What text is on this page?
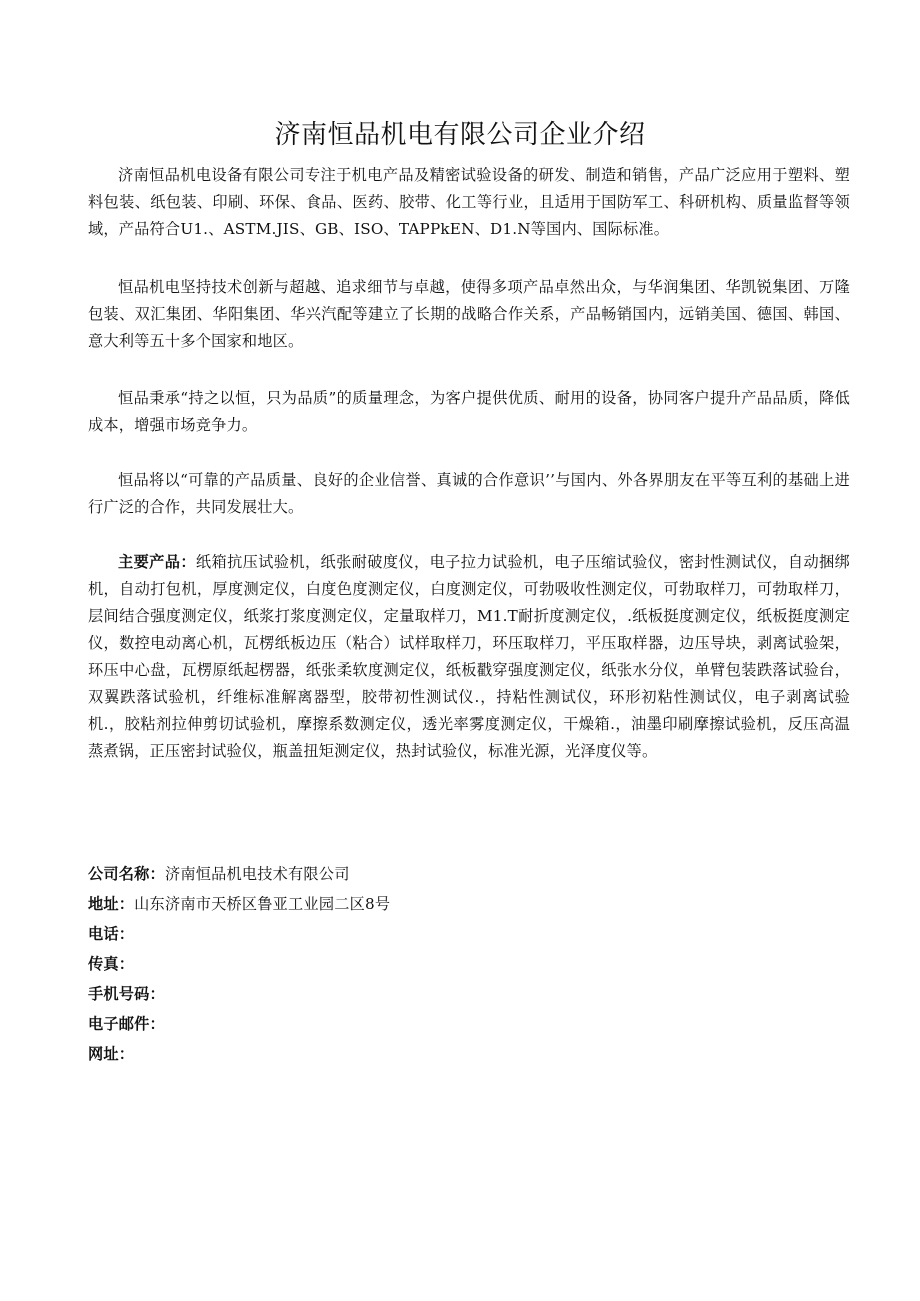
济南恒品机电有限公司企业介绍

济南恒品机电设备有限公司专注于机电产品及精密试验设备的研发、制造和销售，产品广泛应用于塑料、塑料包装、纸包装、印刷、环保、食品、医药、胶带、化工等行业，且适用于国防军工、科研机构、质量监督等领域，产品符合U1.、ASTM.JIS、GB、ISO、TAPPkEN、D1.N等国内、国际标准。

恒品机电坚持技术创新与超越、追求细节与卓越，使得多项产品卓然出众，与华润集团、华凯锐集团、万隆包装、双汇集团、华阳集团、华兴汽配等建立了长期的战略合作关系，产品畅销国内，远销美国、德国、韩国、意大利等五十多个国家和地区。

恒品秉承“持之以恒，只为品质”的质量理念，为客户提供优质、耐用的设备，协同客户提升产品品质，降低成本，增强市场竞争力。

恒品将以“可靠的产品质量、良好的企业信誉、真诚的合作意识’’与国内、外各界朋友在平等互利的基础上进行广泛的合作，共同发展壮大。

主要产品：纸箱抗压试验机，纸张耐破度仪，电子拉力试验机，电子压缩试验仪，密封性测试仪，自动捆绑机，自动打包机，厚度测定仪，白度色度测定仪，白度测定仪，可勃吸收性测定仪，可勃取样刀，可勃取样刀，层间结合强度测定仪，纸浆打浆度测定仪，定量取样刀，M1.T耐折度测定仪，.纸板挺度测定仪，纸板挺度测定仪，数控电动离心机，瓦楞纸板边压（粘合）试样取样刀，环压取样刀，平压取样器，边压导块，剥离试验架，环压中心盘，瓦楞原纸起楞器，纸张柔软度测定仪，纸板戳穿强度测定仪，纸张水分仪，单臂包装跌落试验台，双翼跌落试验机，纤维标准解离器型，胶带初性测试仪.，持粘性测试仪，环形初粘性测试仪，电子剥离试验机.，胶粘剂拉伸剪切试验机，摩擦系数测定仪，透光率雾度测定仪，干燥箱.，油墨印刷摩擦试验机，反压高温蒸煮锅，正压密封试验仪，瓶盖扭矩测定仪，热封试验仪，标准光源，光泽度仪等。

公司名称：济南恒品机电技术有限公司
地址：山东济南市天桥区鲁亚工业园二区8号
电话：
传真：
手机号码：
电子邮件：
网址：
